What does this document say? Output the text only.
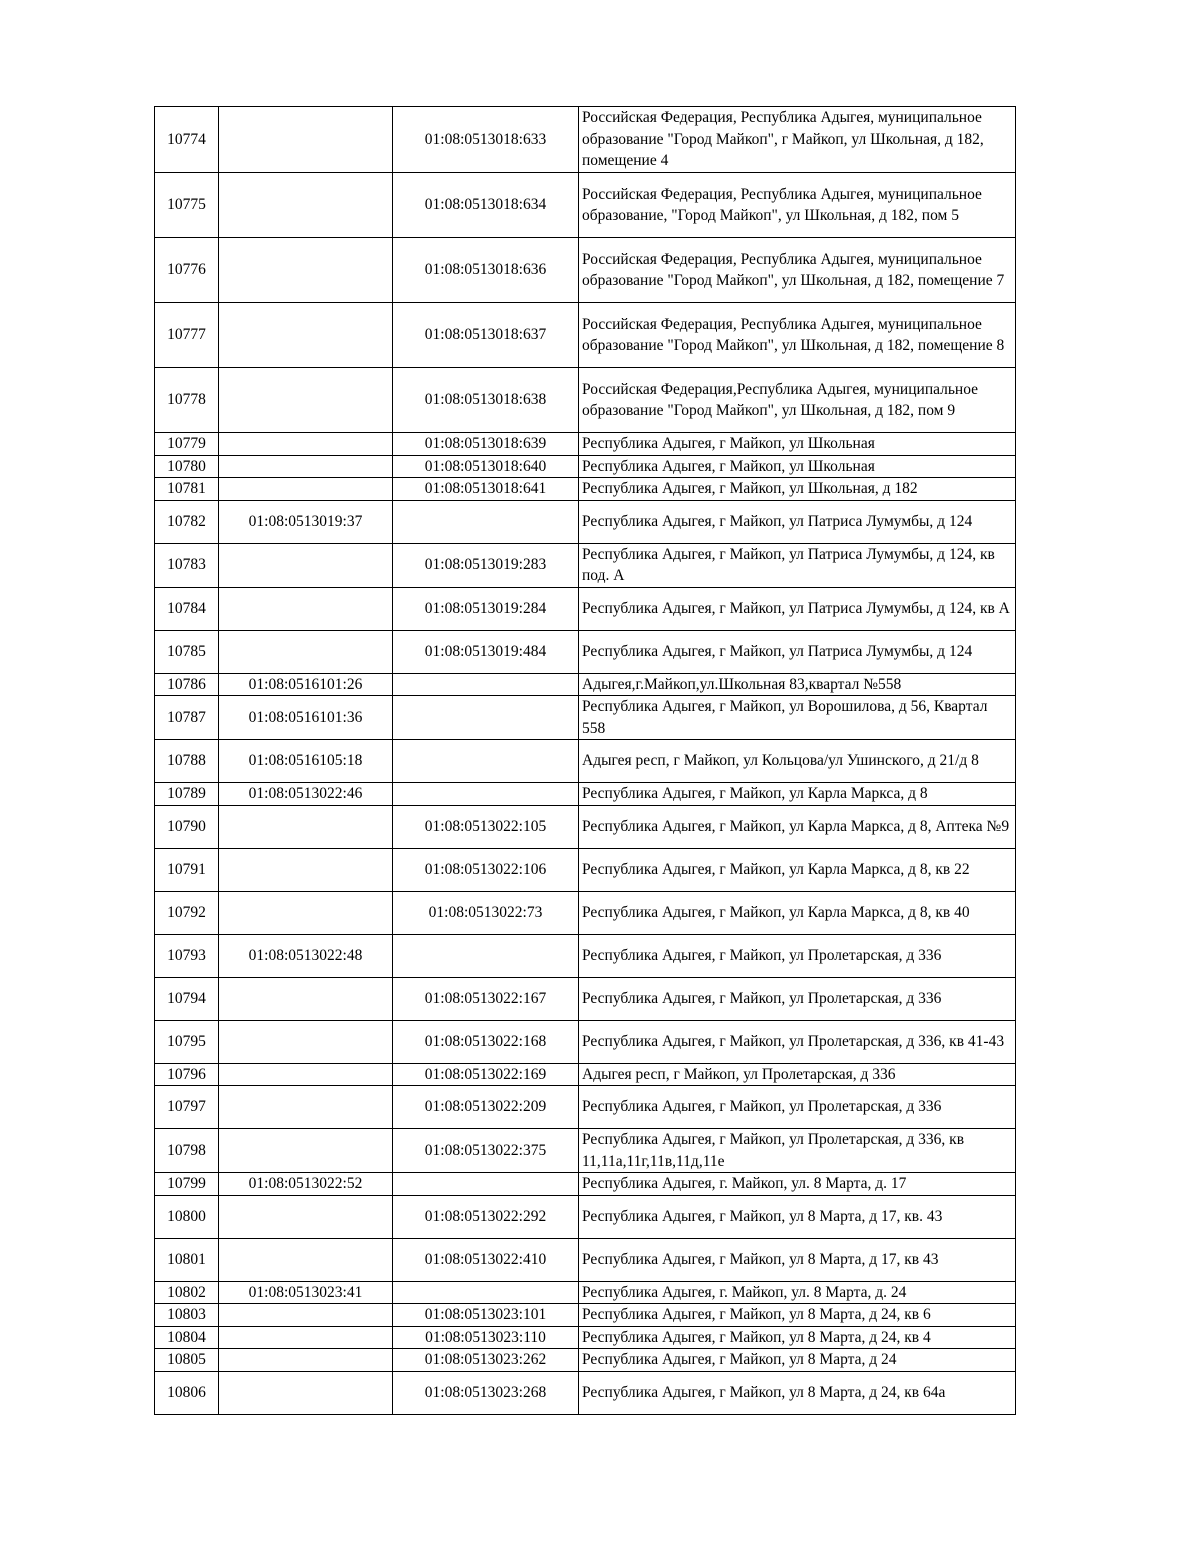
10774		01:08:0513018:633	Российская Федерация, Республика Адыгея, муниципальное образование "Город Майкоп", г Майкоп, ул Школьная, д 182, помещение 4
10775		01:08:0513018:634	Российская Федерация, Республика Адыгея, муниципальное образование, "Город Майкоп", ул Школьная, д 182, пом 5
10776		01:08:0513018:636	Российская Федерация, Республика Адыгея, муниципальное образование "Город Майкоп", ул Школьная, д 182, помещение 7
10777		01:08:0513018:637	Российская Федерация, Республика Адыгея, муниципальное образование "Город Майкоп", ул Школьная, д 182, помещение 8
10778		01:08:0513018:638	Российская Федерация,Республика Адыгея, муниципальное образование "Город Майкоп", ул Школьная, д 182, пом 9
10779		01:08:0513018:639	Республика Адыгея, г Майкоп, ул Школьная
10780		01:08:0513018:640	Республика Адыгея, г Майкоп, ул Школьная
10781		01:08:0513018:641	Республика Адыгея, г Майкоп, ул Школьная, д 182
10782	01:08:0513019:37		Республика Адыгея, г Майкоп, ул Патриса Лумумбы, д 124
10783		01:08:0513019:283	Республика Адыгея, г Майкоп, ул Патриса Лумумбы, д 124, кв под. А
10784		01:08:0513019:284	Республика Адыгея, г Майкоп, ул Патриса Лумумбы, д 124, кв А
10785		01:08:0513019:484	Республика Адыгея, г Майкоп, ул Патриса Лумумбы, д 124
10786	01:08:0516101:26		Адыгея,г.Майкоп,ул.Школьная 83,квартал №558
10787	01:08:0516101:36		Республика Адыгея, г Майкоп, ул Ворошилова, д 56, Квартал 558
10788	01:08:0516105:18		Адыгея респ, г Майкоп, ул Кольцова/ул Ушинского, д 21/д 8
10789	01:08:0513022:46		Республика Адыгея, г Майкоп, ул Карла Маркса, д 8
10790		01:08:0513022:105	Республика Адыгея, г Майкоп, ул Карла Маркса, д 8, Аптека №9
10791		01:08:0513022:106	Республика Адыгея, г Майкоп, ул Карла Маркса, д 8, кв 22
10792		01:08:0513022:73	Республика Адыгея, г Майкоп, ул Карла Маркса, д 8, кв 40
10793	01:08:0513022:48		Республика Адыгея, г Майкоп, ул Пролетарская, д 336
10794		01:08:0513022:167	Республика Адыгея, г Майкоп, ул Пролетарская, д 336
10795		01:08:0513022:168	Республика Адыгея, г Майкоп, ул Пролетарская, д 336, кв 41-43
10796		01:08:0513022:169	Адыгея респ, г Майкоп, ул Пролетарская, д 336
10797		01:08:0513022:209	Республика Адыгея, г Майкоп, ул Пролетарская, д 336
10798		01:08:0513022:375	Республика Адыгея, г Майкоп, ул Пролетарская, д 336, кв 11,11а,11г,11в,11д,11е
10799	01:08:0513022:52		Республика Адыгея, г. Майкоп, ул. 8 Марта, д. 17
10800		01:08:0513022:292	Республика Адыгея, г Майкоп, ул 8 Марта, д 17, кв. 43
10801		01:08:0513022:410	Республика Адыгея, г Майкоп, ул 8 Марта, д 17, кв 43
10802	01:08:0513023:41		Республика Адыгея, г. Майкоп, ул. 8 Марта, д. 24
10803		01:08:0513023:101	Республика Адыгея, г Майкоп, ул 8 Марта, д 24, кв 6
10804		01:08:0513023:110	Республика Адыгея, г Майкоп, ул 8 Марта, д 24, кв 4
10805		01:08:0513023:262	Республика Адыгея, г Майкоп, ул 8 Марта, д 24
10806		01:08:0513023:268	Республика Адыгея, г Майкоп, ул 8 Марта, д 24, кв 64а
